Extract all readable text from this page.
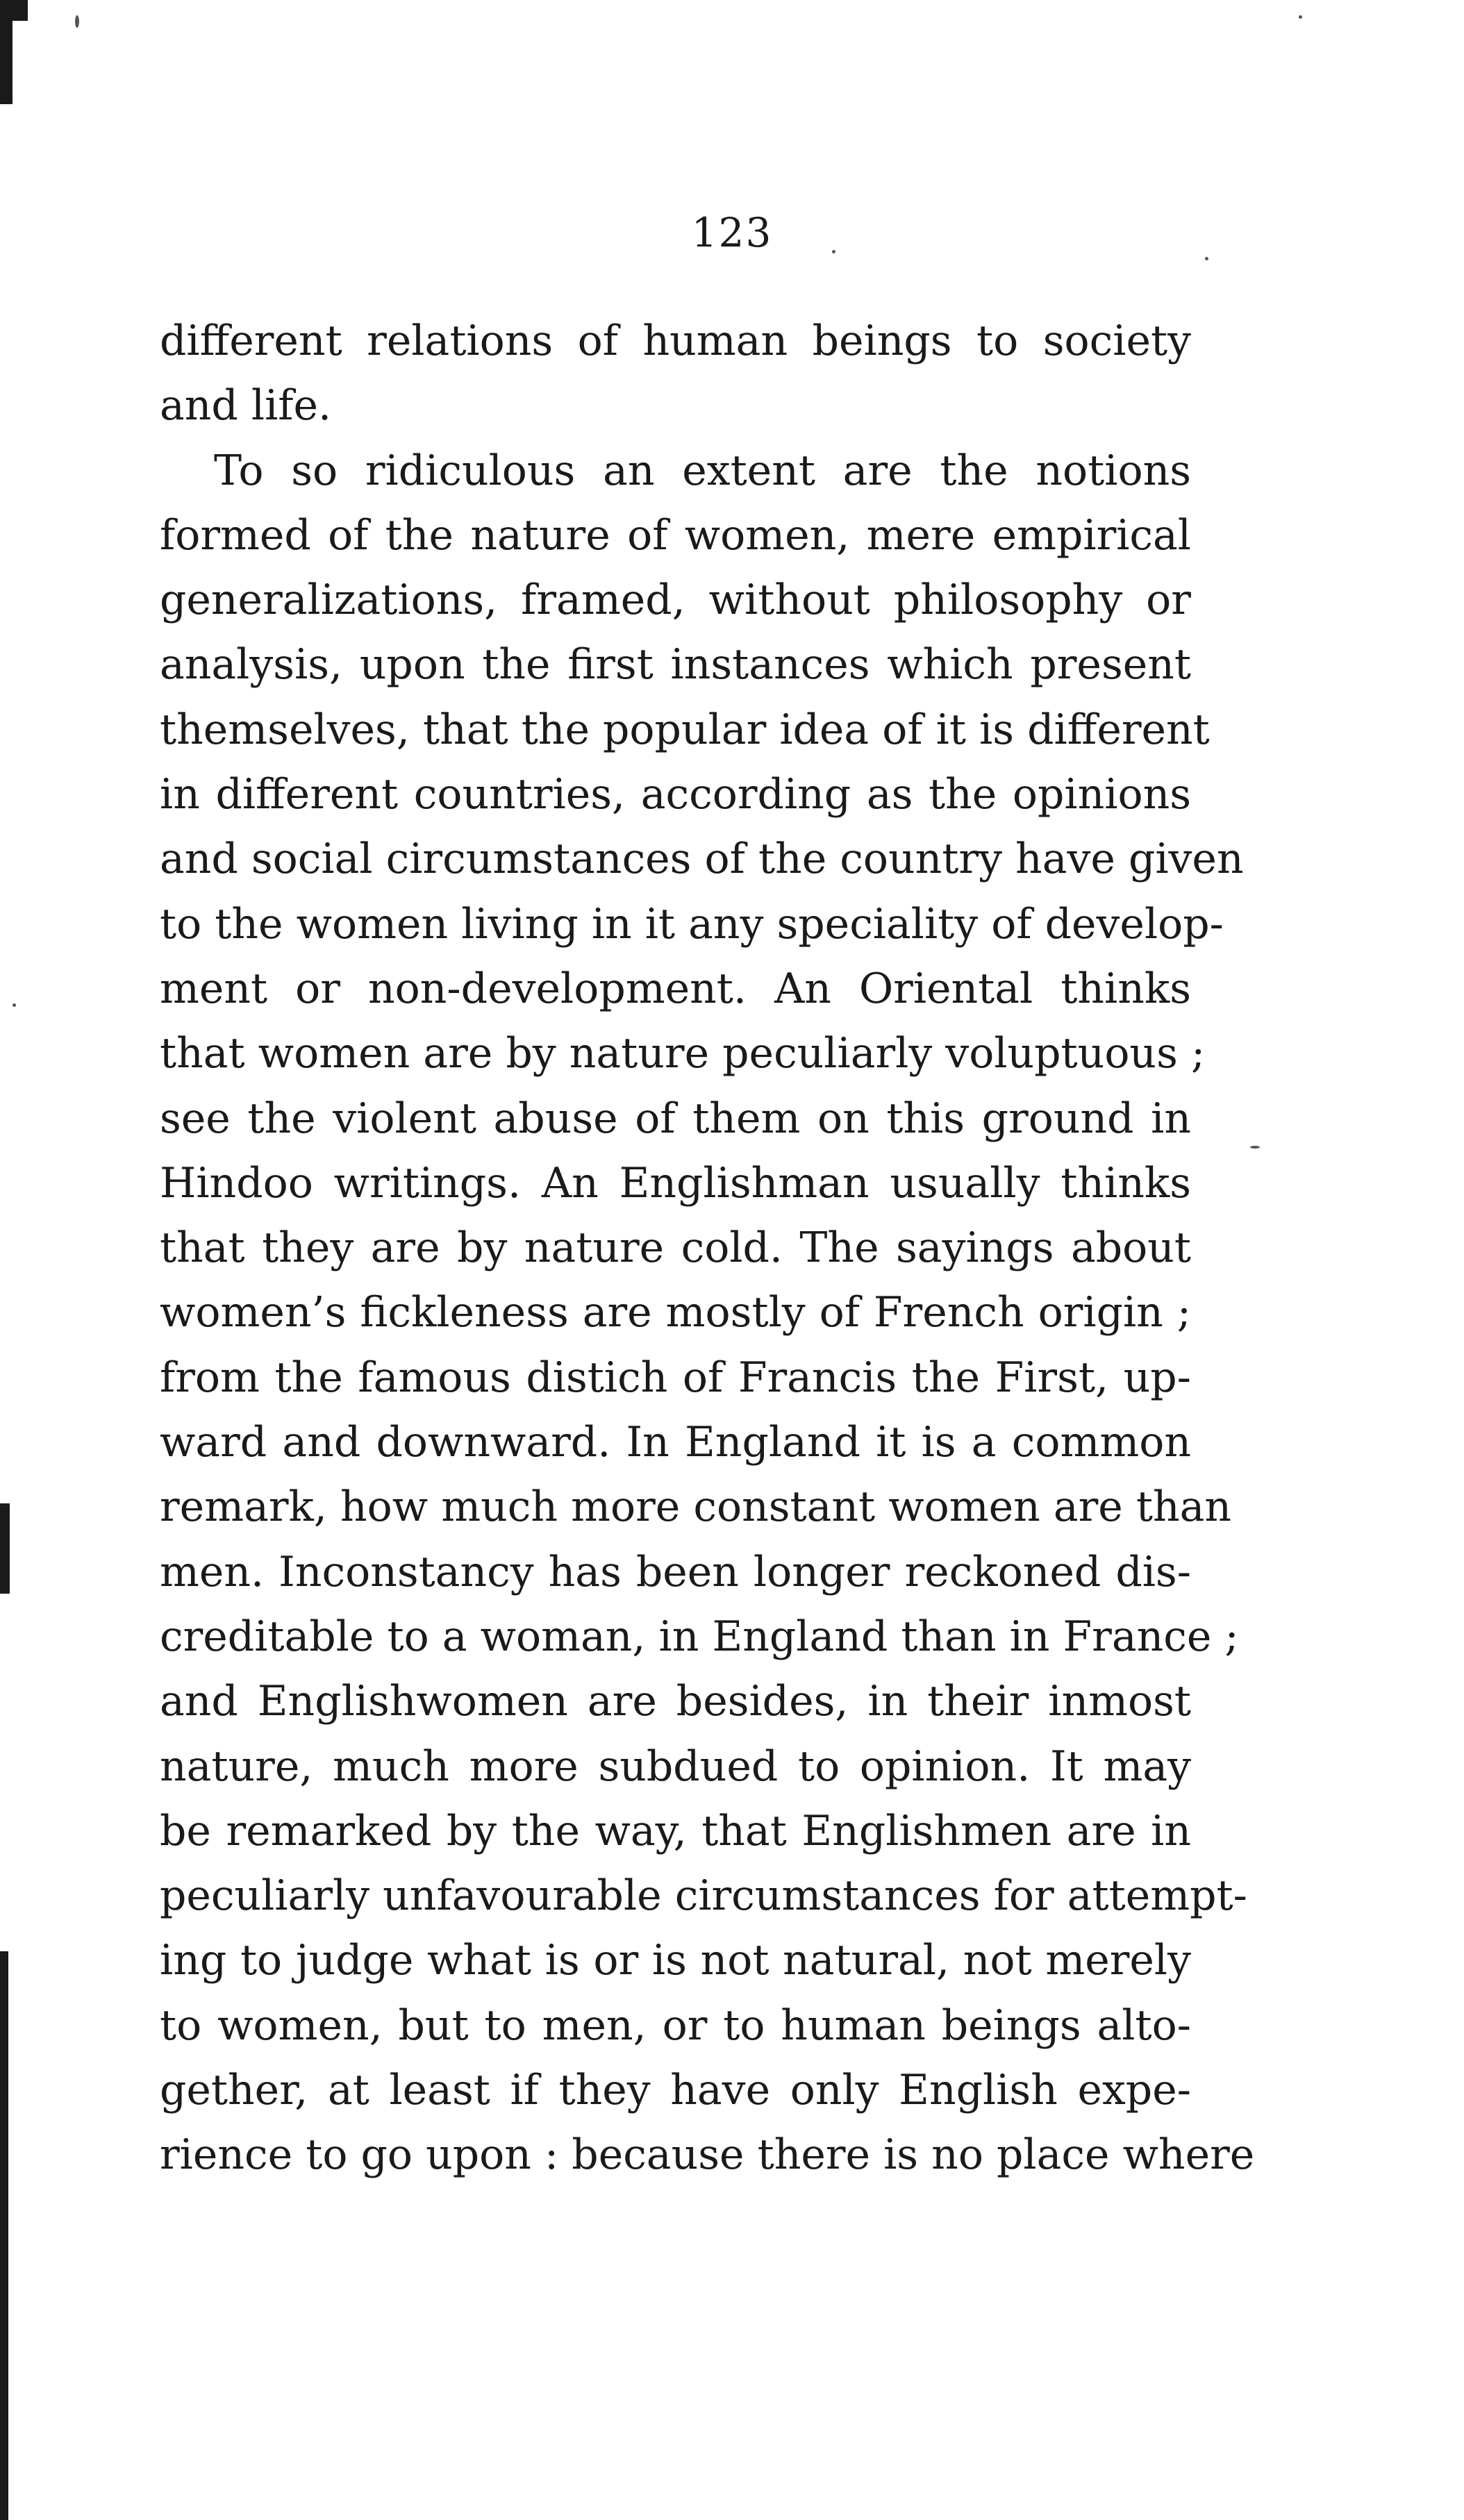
123
different relations of human beings to society
and life.
To so ridiculous an extent are the notions
formed of the nature of women, mere empirical
generalizations, framed, without philosophy or
analysis, upon the first instances which present
themselves, that the popular idea of it is different
in different countries, according as the opinions
and social circumstances of the country have given
to the women living in it any speciality of develop-
ment or non-development. An Oriental thinks
that women are by nature peculiarly voluptuous ;
see the violent abuse of them on this ground in
Hindoo writings. An Englishman usually thinks
that they are by nature cold. The sayings about
women’s fickleness are mostly of French origin ;
from the famous distich of Francis the First, up-
ward and downward. In England it is a common
remark, how much more constant women are than
men. Inconstancy has been longer reckoned dis-
creditable to a woman, in England than in France ;
and Englishwomen are besides, in their inmost
nature, much more subdued to opinion. It may
be remarked by the way, that Englishmen are in
peculiarly unfavourable circumstances for attempt-
ing to judge what is or is not natural, not merely
to women, but to men, or to human beings alto-
gether, at least if they have only English expe-
rience to go upon : because there is no place where
